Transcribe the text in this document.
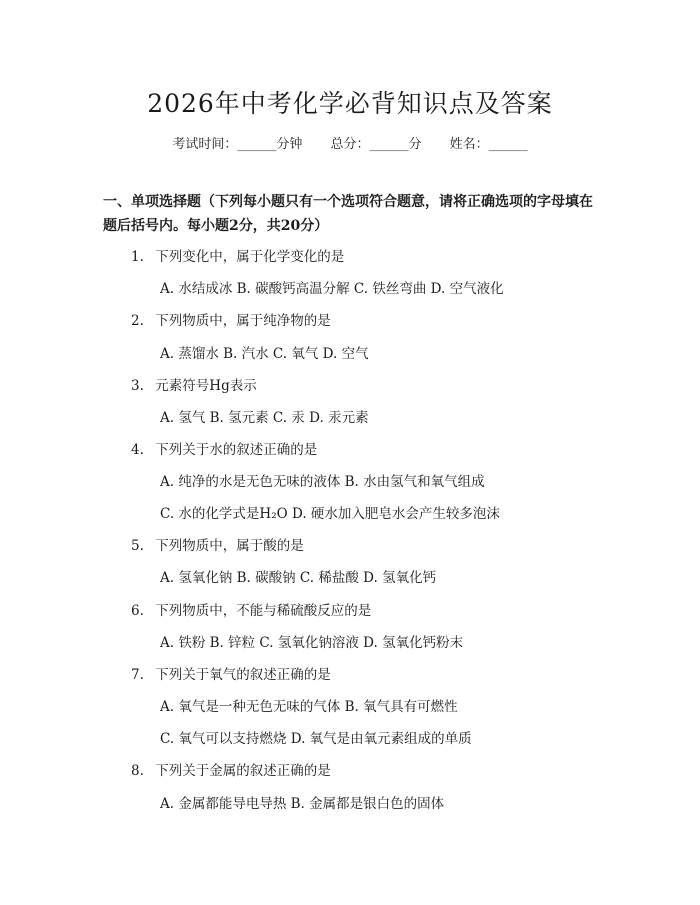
2026年中考化学必背知识点及答案
考试时间：______分钟 总分：______分 姓名：______
一、单项选择题（下列每小题只有一个选项符合题意，请将正确选项的字母填在题后括号内。每小题2分，共20分）
1. 下列变化中，属于化学变化的是
A. 水结成冰 B. 碳酸钙高温分解 C. 铁丝弯曲 D. 空气液化
2. 下列物质中，属于纯净物的是
A. 蒸馏水 B. 汽水 C. 氧气 D. 空气
3. 元素符号Hg表示
A. 氢气 B. 氢元素 C. 汞 D. 汞元素
4. 下列关于水的叙述正确的是
A. 纯净的水是无色无味的液体 B. 水由氢气和氧气组成
C. 水的化学式是H₂O D. 硬水加入肥皂水会产生较多泡沫
5. 下列物质中，属于酸的是
A. 氢氧化钠 B. 碳酸钠 C. 稀盐酸 D. 氢氧化钙
6. 下列物质中，不能与稀硫酸反应的是
A. 铁粉 B. 锌粒 C. 氢氧化钠溶液 D. 氢氧化钙粉末
7. 下列关于氧气的叙述正确的是
A. 氧气是一种无色无味的气体 B. 氧气具有可燃性
C. 氧气可以支持燃烧 D. 氧气是由氧元素组成的单质
8. 下列关于金属的叙述正确的是
A. 金属都能导电导热 B. 金属都是银白色的固体
